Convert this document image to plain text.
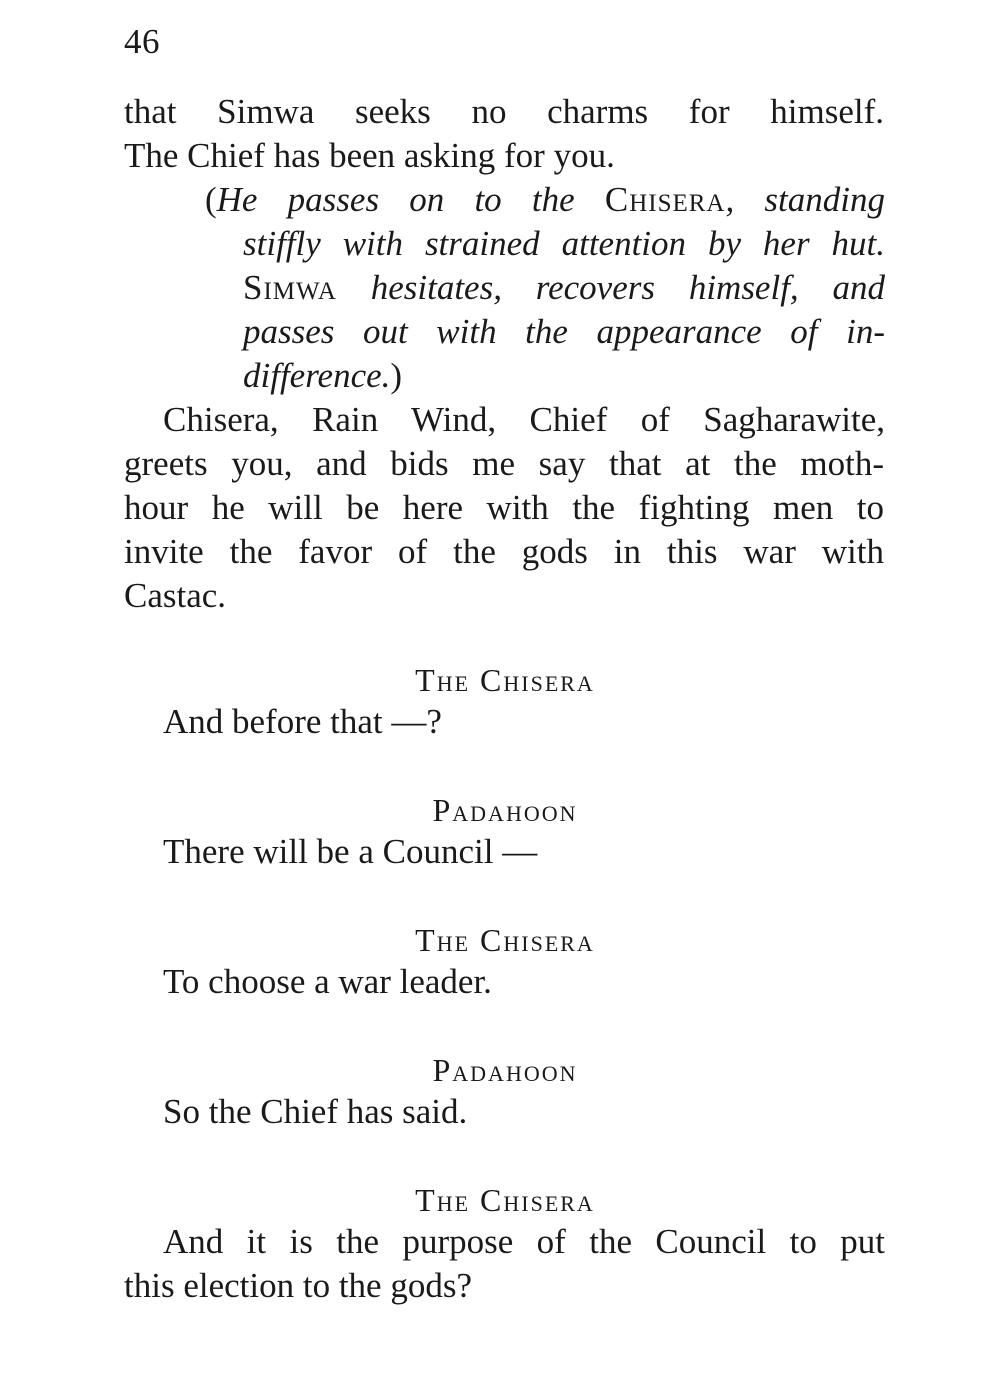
46
that Simwa seeks no charms for himself.
The Chief has been asking for you.
(He passes on to the Chisera, standing
stiffly with strained attention by her hut.
Simwa hesitates, recovers himself, and
passes out with the appearance of in-
difference.)
Chisera, Rain Wind, Chief of Sagharawite,
greets you, and bids me say that at the moth-
hour he will be here with the fighting men to
invite the favor of the gods in this war with
Castac.
The Chisera
And before that —?
Padahoon
There will be a Council —
The Chisera
To choose a war leader.
Padahoon
So the Chief has said.
The Chisera
And it is the purpose of the Council to put
this election to the gods?
